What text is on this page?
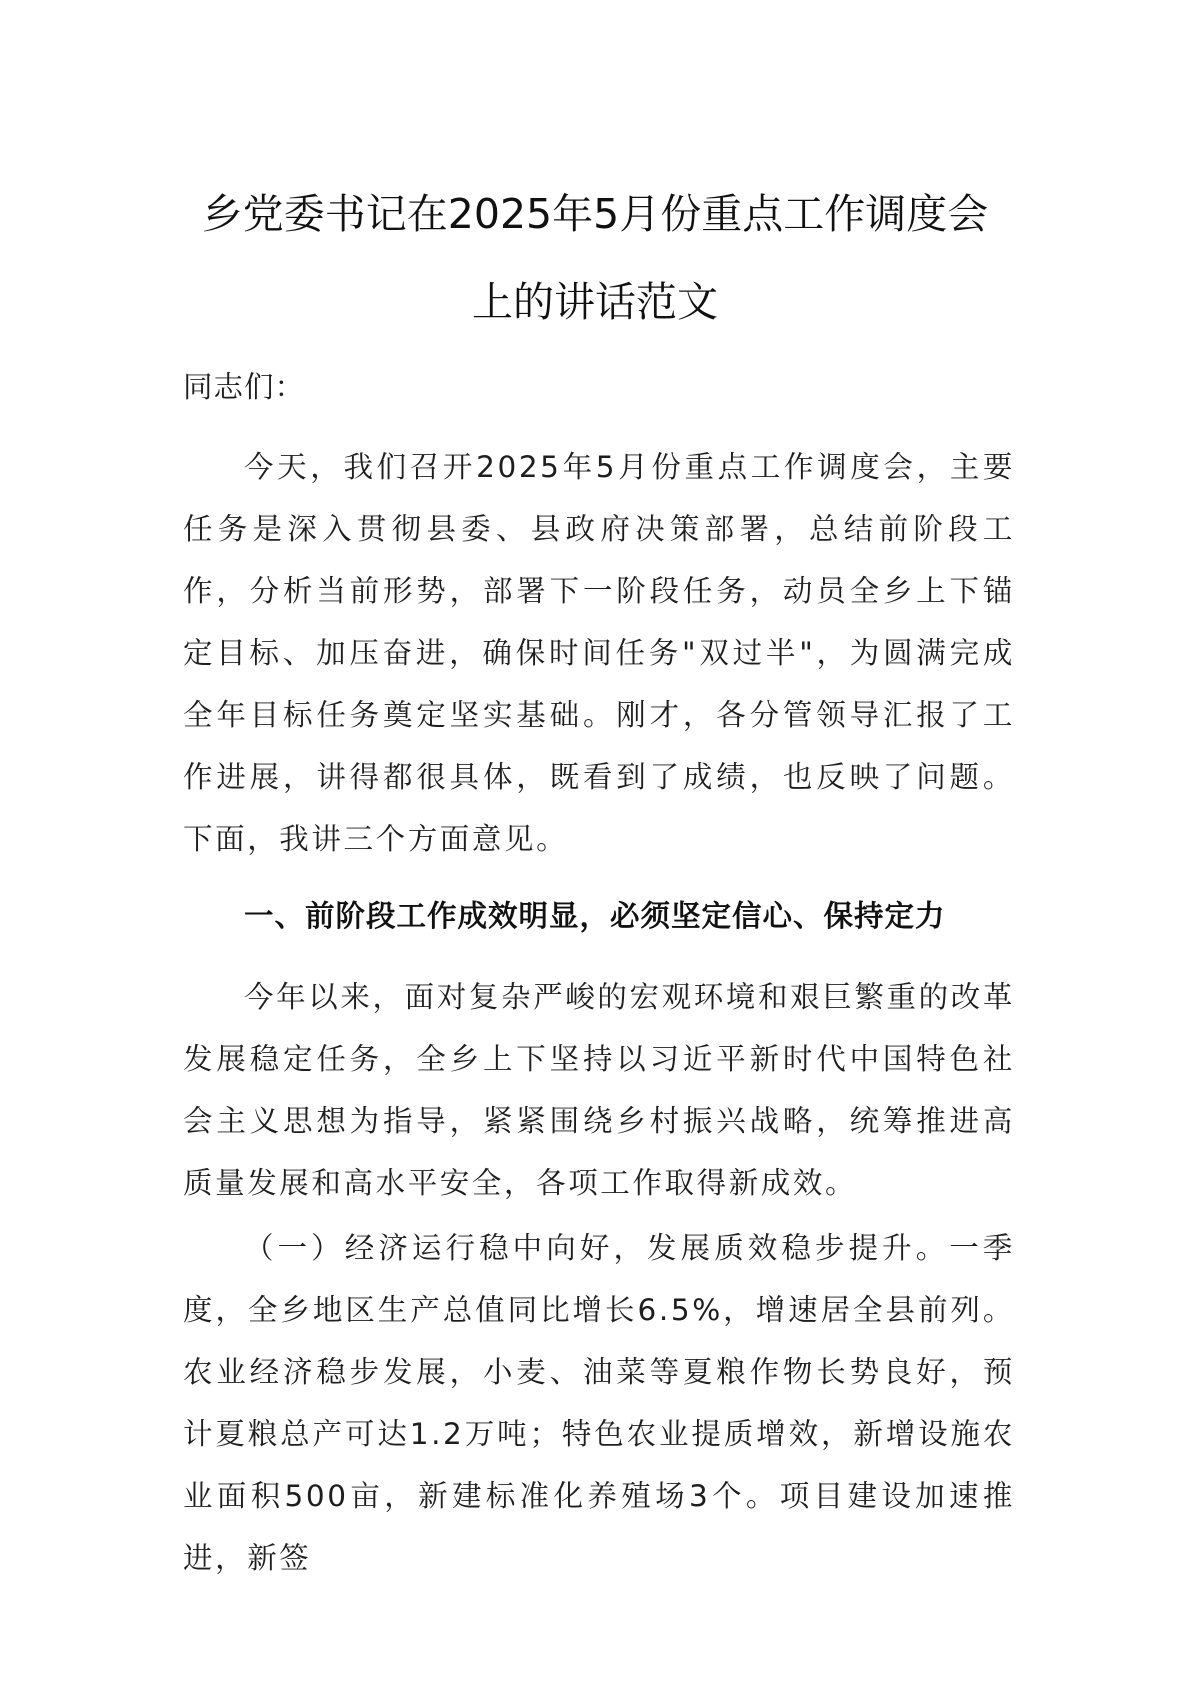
乡党委书记在2025年5月份重点工作调度会
上的讲话范文
同志们：

今天，我们召开2025年5月份重点工作调度会，主要任务是深入贯彻县委、县政府决策部署，总结前阶段工作，分析当前形势，部署下一阶段任务，动员全乡上下锚定目标、加压奋进，确保时间任务"双过半"，为圆满完成全年目标任务奠定坚实基础。刚才，各分管领导汇报了工作进展，讲得都很具体，既看到了成绩，也反映了问题。下面，我讲三个方面意见。

一、前阶段工作成效明显，必须坚定信心、保持定力

今年以来，面对复杂严峻的宏观环境和艰巨繁重的改革发展稳定任务，全乡上下坚持以习近平新时代中国特色社会主义思想为指导，紧紧围绕乡村振兴战略，统筹推进高质量发展和高水平安全，各项工作取得新成效。

（一）经济运行稳中向好，发展质效稳步提升。一季度，全乡地区生产总值同比增长6.5%，增速居全县前列。农业经济稳步发展，小麦、油菜等夏粮作物长势良好，预计夏粮总产可达1.2万吨；特色农业提质增效，新增设施农业面积500亩，新建标准化养殖场3个。项目建设加速推进，新签
